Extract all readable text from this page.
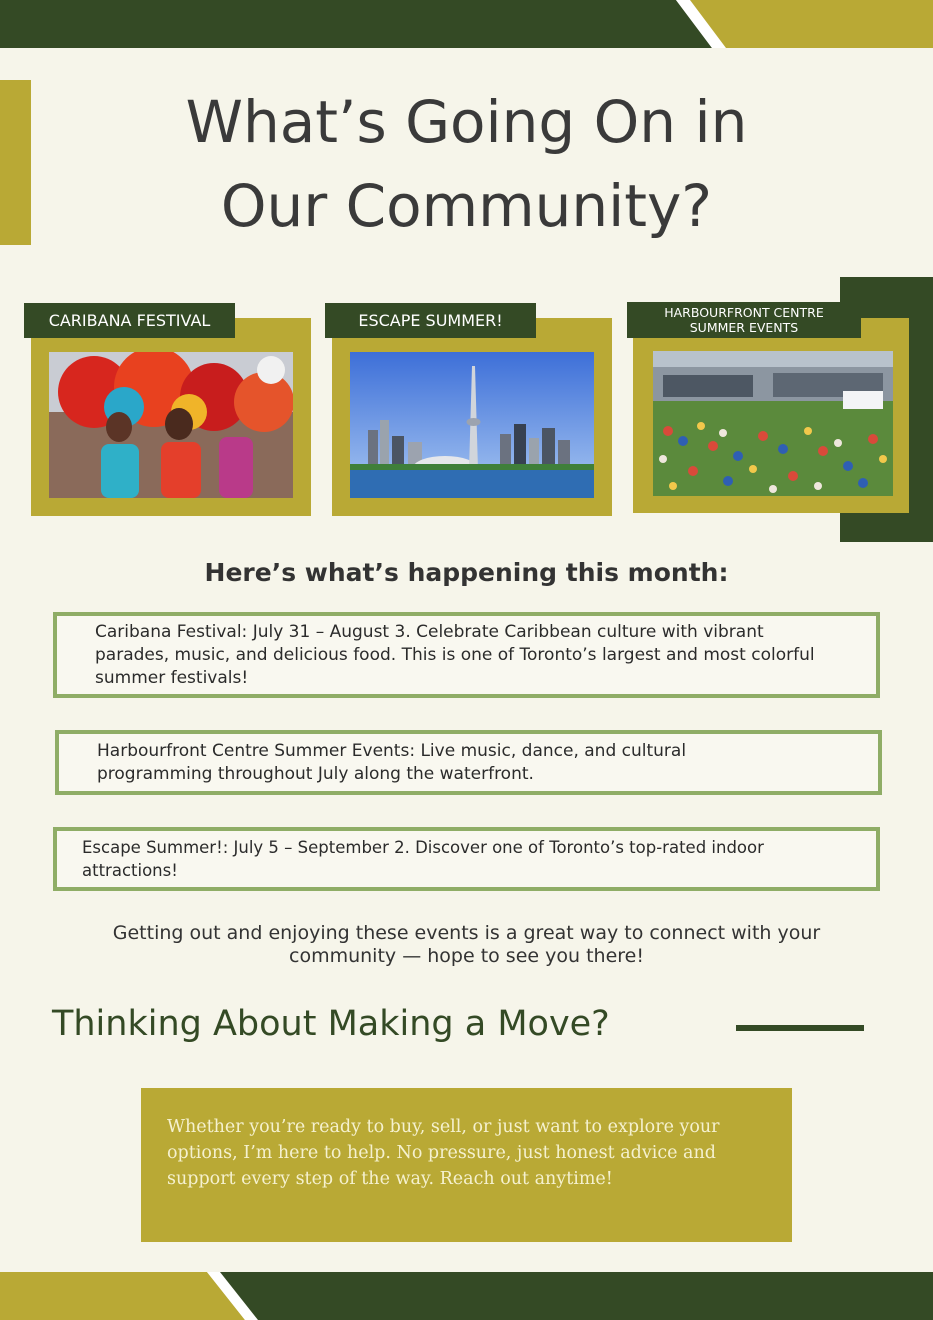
What’s Going On in
Our Community?
CARIBANA FESTIVAL	ESCAPE SUMMER!	HARBOURFRONT CENTRE
SUMMER EVENTS
Here’s what’s happening this month:
Caribana Festival: July 31 – August 3. Celebrate Caribbean culture with vibrant parades, music, and delicious food. This is one of Toronto’s largest and most colorful summer festivals!
Harbourfront Centre Summer Events: Live music, dance, and cultural programming throughout July along the waterfront.
Escape Summer!: July 5 – September 2. Discover one of Toronto’s top-rated indoor attractions!
Getting out and enjoying these events is a great way to connect with your community — hope to see you there!
Thinking About Making a Move?
Whether you’re ready to buy, sell, or just want to explore your options, I’m here to help. No pressure, just honest advice and support every step of the way. Reach out anytime!
